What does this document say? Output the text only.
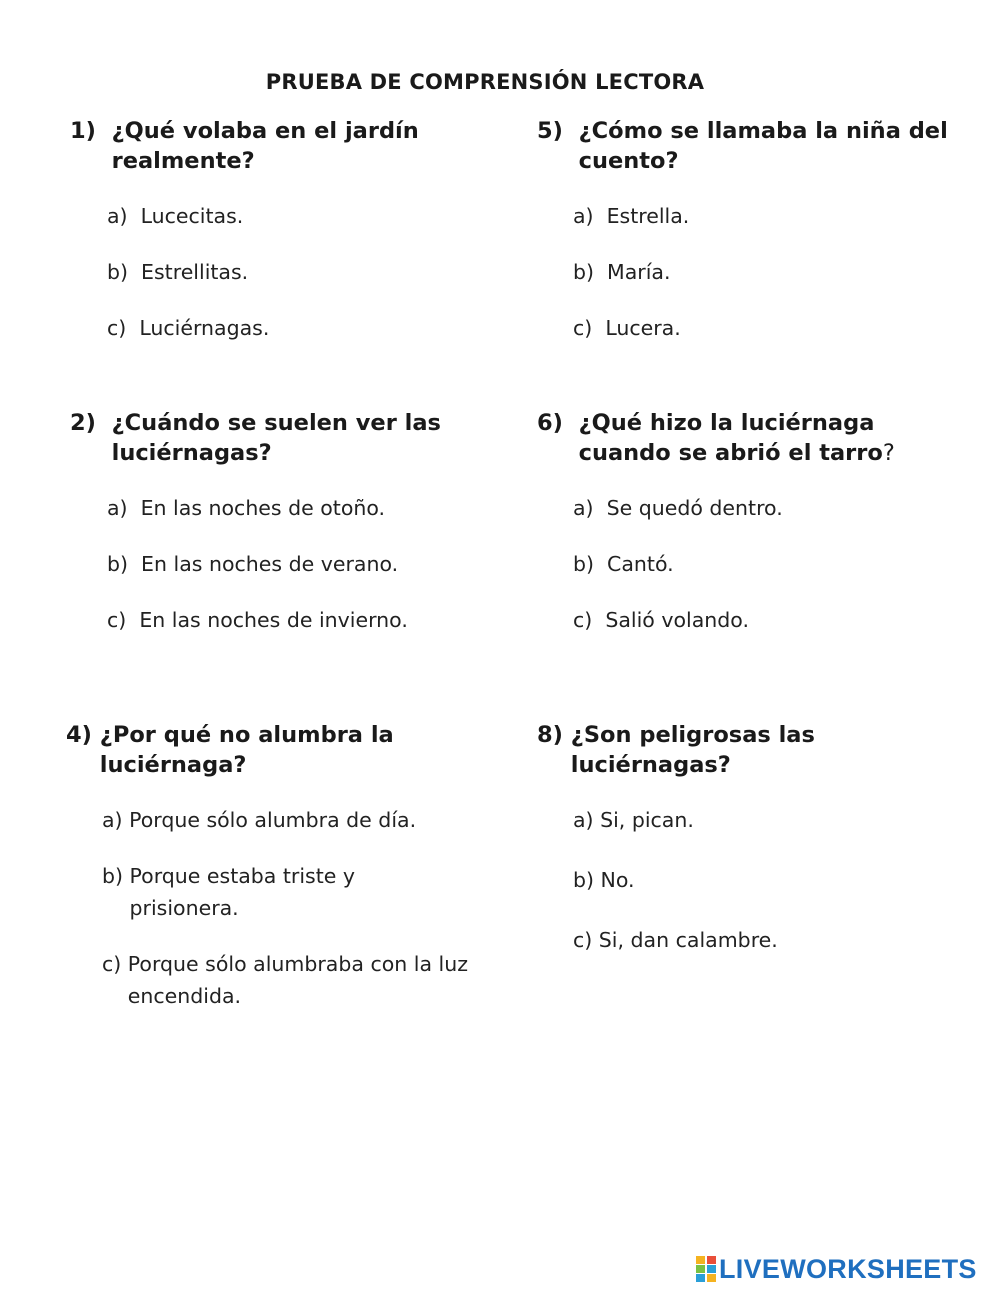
PRUEBA DE COMPRENSIÓN LECTORA
1) ¿Qué volaba en el jardín realmente?
a) Lucecitas.
b) Estrellitas.
c) Luciérnagas.
5) ¿Cómo se llamaba la niña del cuento?
a) Estrella.
b) María.
c) Lucera.
2) ¿Cuándo se suelen ver las luciérnagas?
a) En las noches de otoño.
b) En las noches de verano.
c) En las noches de invierno.
6) ¿Qué hizo la luciérnaga cuando se abrió el tarro?
a) Se quedó dentro.
b) Cantó.
c) Salió volando.
4) ¿Por qué no alumbra la luciérnaga?
a) Porque sólo alumbra de día.
b) Porque estaba triste y prisionera.
c) Porque sólo alumbraba con la luz encendida.
8) ¿Son peligrosas las luciérnagas?
a) Si, pican.
b) No.
c) Si, dan calambre.
LIVEWORKSHEETS
